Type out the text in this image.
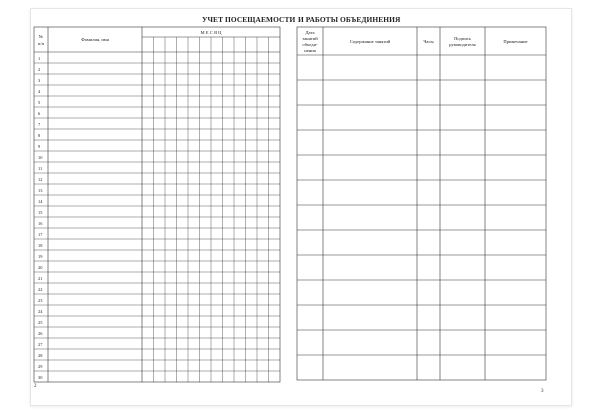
УЧЕТ ПОСЕЩАЕМОСТИ И РАБОТЫ ОБЪЕДИНЕНИЯ
№
п/п
Фамилия, имя
М Е С Я Ц
1
2
3
4
5
6
7
8
9
10
11
12
13
14
15
16
17
18
19
20
21
22
23
24
25
26
27
28
29
30
Дата
занятий
объеди-
нения
Содержание занятий	Часы
Подпись
руководителя
Примечание
2
3
